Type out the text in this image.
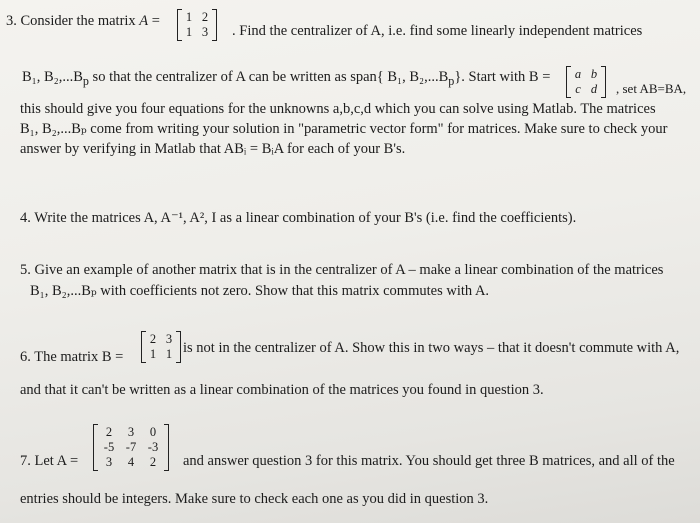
3. Consider the matrix A =	1 2
1 3 . Find the centralizer of A, i.e. find some linearly independent matrices
B₁, $B_2,...B_p$ so that the centralizer of A can be written as span{ B₁, $B_2,...B_p$}. Start with B =	a b
c d , set AB=BA,
this should give you four equations for the unknowns a,b,c,d which you can solve using Matlab. The matrices
B₁, B₂,...Bₚ come from writing your solution in "parametric vector form" for matrices. Make sure to check your
answer by verifying in Matlab that ABᵢ = BᵢA for each of your B's.
4. Write the matrices A, A⁻¹, A², I as a linear combination of your B's (i.e. find the coefficients).
5. Give an example of another matrix that is in the centralizer of A – make a linear combination of the matrices
B₁, B₂,...Bₚ with coefficients not zero. Show that this matrix commutes with A.
6. The matrix B =
2 3
1 1 is not in the centralizer of A. Show this in two ways – that it doesn't commute with A,
and that it can't be written as a linear combination of the matrices you found in question 3.
7. Let A =
2	3	0
-5 -7 -3
3	4	2	and answer question 3 for this matrix. You should get three B matrices, and all of the
entries should be integers. Make sure to check each one as you did in question 3.
